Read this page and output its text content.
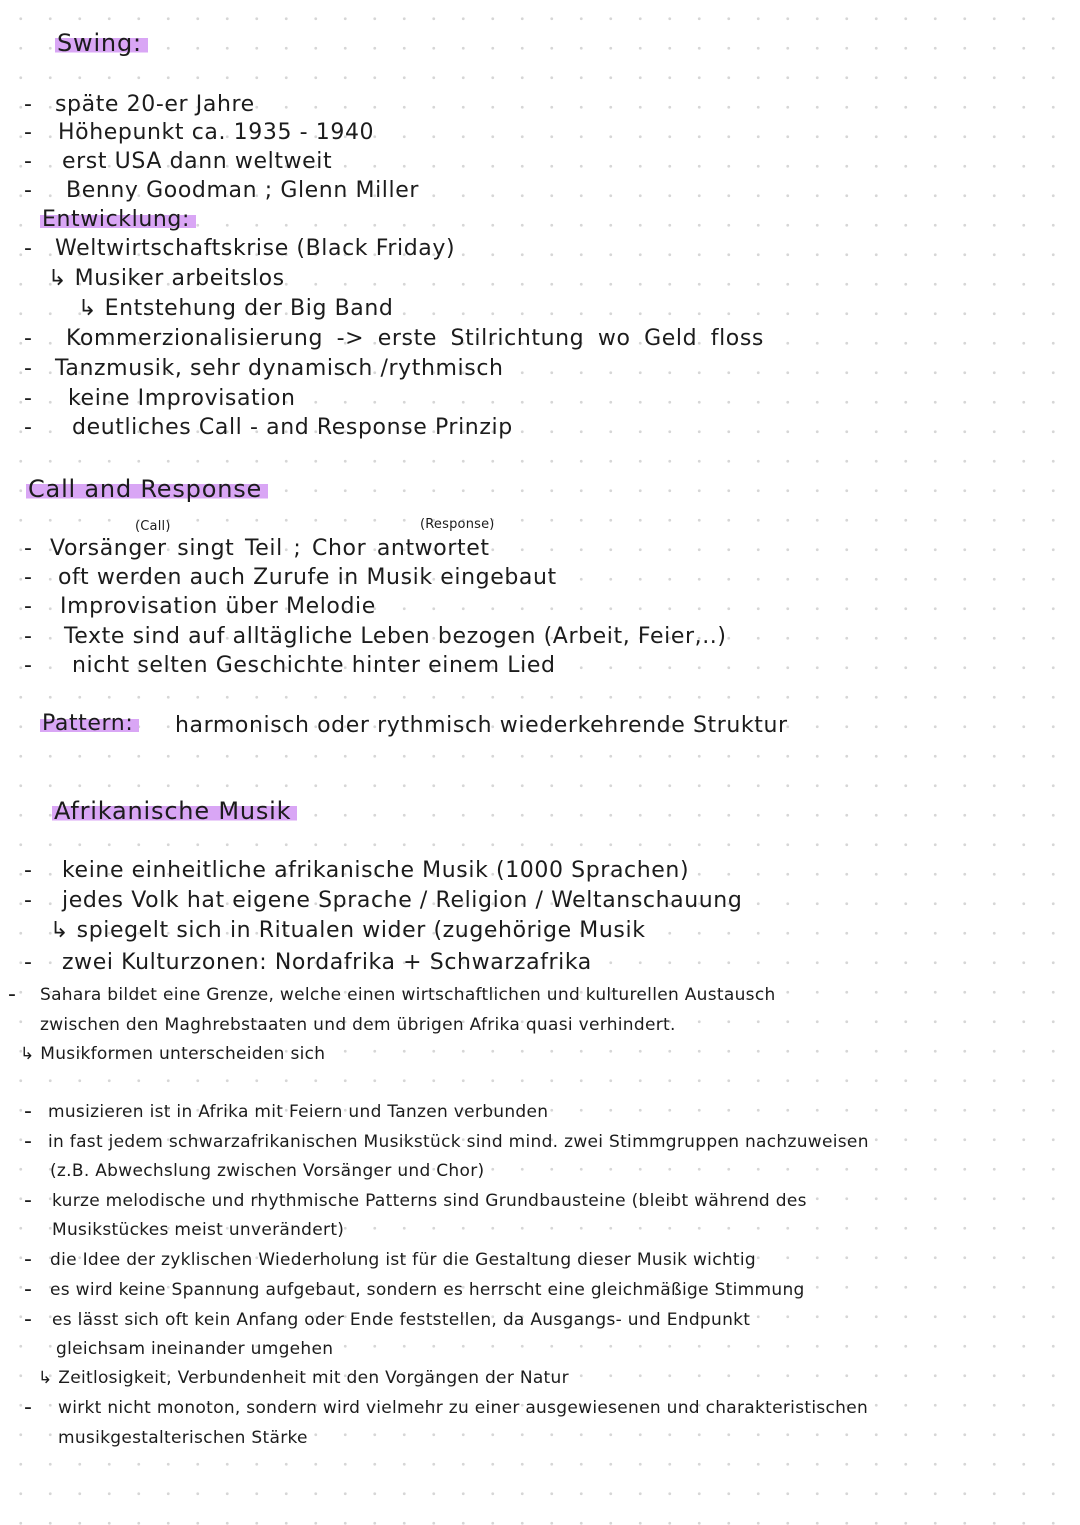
Swing:
- späte 20-er Jahre
- Höhepunkt ca. 1935 - 1940
- erst USA dann weltweit
- Benny Goodman ; Glenn Miller
Entwicklung:
- Weltwirtschaftskrise (Black Friday)
↳ Musiker arbeitslos
↳ Entstehung der Big Band
- Kommerzionalisierung -> erste Stilrichtung wo Geld floss
- Tanzmusik, sehr dynamisch /rythmisch
- keine Improvisation
- deutliches Call - and Response Prinzip
Call and Response
(Call)	(Response)
- Vorsänger singt Teil ; Chor antwortet
- oft werden auch Zurufe in Musik eingebaut
- Improvisation über Melodie
- Texte sind auf alltägliche Leben bezogen (Arbeit, Feier,..)
- nicht selten Geschichte hinter einem Lied
Pattern: harmonisch oder rythmisch wiederkehrende Struktur
Afrikanische Musik
- keine einheitliche afrikanische Musik (1000 Sprachen)
- jedes Volk hat eigene Sprache / Religion / Weltanschauung
↳ spiegelt sich in Ritualen wider (zugehörige Musik
- zwei Kulturzonen: Nordafrika + Schwarzafrika
- Sahara bildet eine Grenze, welche einen wirtschaftlichen und kulturellen Austausch
zwischen den Maghrebstaaten und dem übrigen Afrika quasi verhindert.
↳ Musikformen unterscheiden sich
- musizieren ist in Afrika mit Feiern und Tanzen verbunden
- in fast jedem schwarzafrikanischen Musikstück sind mind. zwei Stimmgruppen nachzuweisen
(z.B. Abwechslung zwischen Vorsänger und Chor)
- kurze melodische und rhythmische Patterns sind Grundbausteine (bleibt während des
Musikstückes meist unverändert)
- die Idee der zyklischen Wiederholung ist für die Gestaltung dieser Musik wichtig
- es wird keine Spannung aufgebaut, sondern es herrscht eine gleichmäßige Stimmung
- es lässt sich oft kein Anfang oder Ende feststellen, da Ausgangs- und Endpunkt
gleichsam ineinander umgehen
↳ Zeitlosigkeit, Verbundenheit mit den Vorgängen der Natur
- wirkt nicht monoton, sondern wird vielmehr zu einer ausgewiesenen und charakteristischen
musikgestalterischen Stärke
